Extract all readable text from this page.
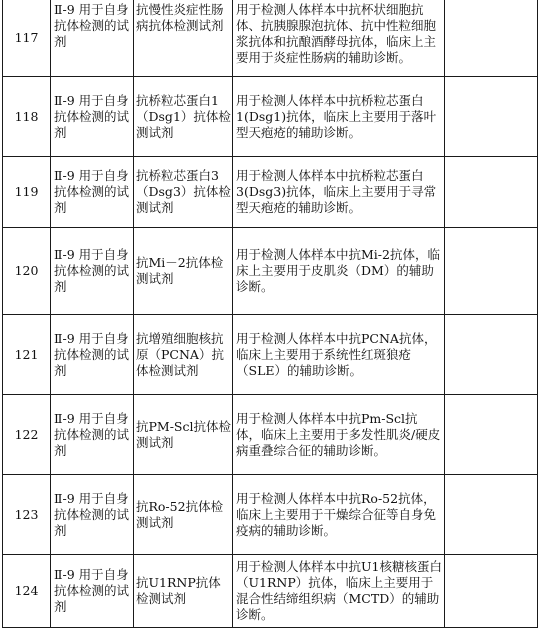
117	Ⅱ-9 用于自身抗体检测的试剂	抗慢性炎症性肠病抗体检测试剂	用于检测人体样本中抗杯状细胞抗体、抗胰腺腺泡抗体、抗中性粒细胞浆抗体和抗酿酒酵母抗体，临床上主要用于炎症性肠病的辅助诊断。	

118	Ⅱ-9 用于自身抗体检测的试剂	抗桥粒芯蛋白1（Dsg1）抗体检测试剂	用于检测人体样本中抗桥粒芯蛋白1(Dsg1)抗体，临床上主要用于落叶型天疱疮的辅助诊断。	
119	Ⅱ-9 用于自身抗体检测的试剂	抗桥粒芯蛋白3（Dsg3）抗体检测试剂	用于检测人体样本中抗桥粒芯蛋白3(Dsg3)抗体，临床上主要用于寻常型天疱疮的辅助诊断。	
120	Ⅱ-9 用于自身抗体检测的试剂	抗Mi－2抗体检测试剂	用于检测人体样本中抗Mi-2抗体，临床上主要用于皮肌炎（DM）的辅助诊断。	
121	Ⅱ-9 用于自身抗体检测的试剂	抗增殖细胞核抗原（PCNA）抗体检测试剂	用于检测人体样本中抗PCNA抗体，临床上主要用于系统性红斑狼疮（SLE）的辅助诊断。	
122	Ⅱ-9 用于自身抗体检测的试剂	抗PM-Scl抗体检测试剂	用于检测人体样本中抗Pm-Scl抗体，临床上主要用于多发性肌炎/硬皮病重叠综合征的辅助诊断。	
123	Ⅱ-9 用于自身抗体检测的试剂	抗Ro-52抗体检测试剂	用于检测人体样本中抗Ro-52抗体，临床上主要用于干燥综合征等自身免疫病的辅助诊断。	
124	Ⅱ-9 用于自身抗体检测的试剂	抗U1RNP抗体检测试剂	用于检测人体样本中抗U1核糖核蛋白（U1RNP）抗体，临床上主要用于混合性结缔组织病（MCTD）的辅助诊断。	
